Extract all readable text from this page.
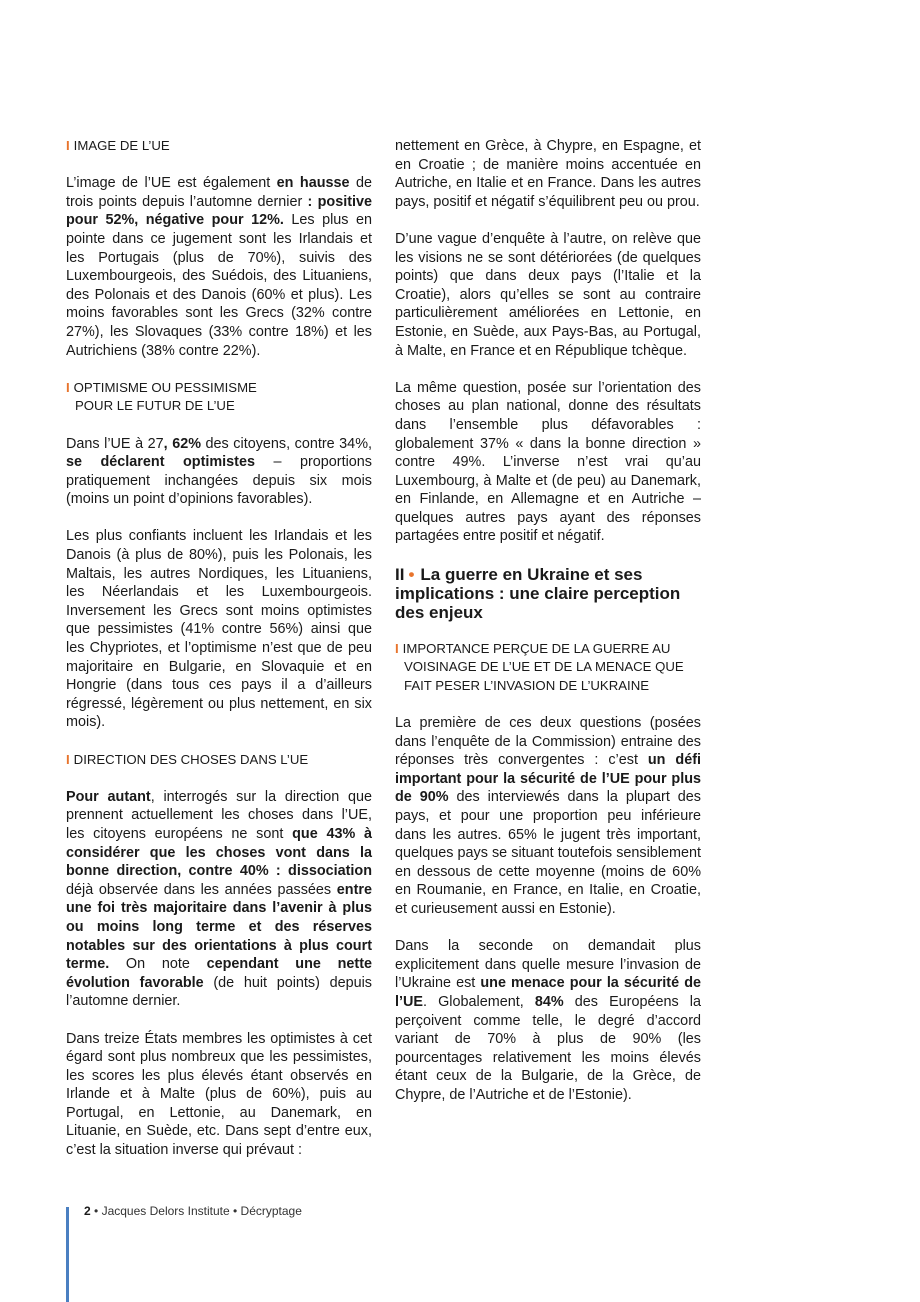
I IMAGE DE L’UE

L’image de l’UE est également en hausse de trois points depuis l’automne dernier : positive pour 52%, négative pour 12%. Les plus en pointe dans ce jugement sont les Irlandais et les Portugais (plus de 70%), suivis des Luxembourgeois, des Suédois, des Lituaniens, des Polonais et des Danois (60% et plus). Les moins favorables sont les Grecs (32% contre 27%), les Slovaques (33% contre 18%) et les Autrichiens (38% contre 22%).

I OPTIMISME OU PESSIMISME
POUR LE FUTUR DE L’UE

Dans l’UE à 27, 62% des citoyens, contre 34%, se déclarent optimistes – proportions pratiquement inchangées depuis six mois (moins un point d’opinions favorables).

Les plus confiants incluent les Irlandais et les Danois (à plus de 80%), puis les Polonais, les Maltais, les autres Nordiques, les Lituaniens, les Néerlandais et les Luxembourgeois. Inversement les Grecs sont moins optimistes que pessimistes (41% contre 56%) ainsi que les Chypriotes, et l’optimisme n’est que de peu majoritaire en Bulgarie, en Slovaquie et en Hongrie (dans tous ces pays il a d’ailleurs régressé, légèrement ou plus nettement, en six mois).

I DIRECTION DES CHOSES DANS L’UE

Pour autant, interrogés sur la direction que prennent actuellement les choses dans l’UE, les citoyens européens ne sont que 43% à considérer que les choses vont dans la bonne direction, contre 40% : dissociation déjà observée dans les années passées entre une foi très majoritaire dans l’avenir à plus ou moins long terme et des réserves notables sur des orientations à plus court terme. On note cependant une nette évolution favorable (de huit points) depuis l’automne dernier.

Dans treize États membres les optimistes à cet égard sont plus nombreux que les pessimistes, les scores les plus élevés étant observés en Irlande et à Malte (plus de 60%), puis au Portugal, en Lettonie, au Danemark, en Lituanie, en Suède, etc. Dans sept d’entre eux, c’est la situation inverse qui prévaut :

nettement en Grèce, à Chypre, en Espagne, et en Croatie ; de manière moins accentuée en Autriche, en Italie et en France. Dans les autres pays, positif et négatif s’équilibrent peu ou prou.

D’une vague d’enquête à l’autre, on relève que les visions ne se sont détériorées (de quelques points) que dans deux pays (l’Italie et la Croatie), alors qu’elles se sont au contraire particulièrement améliorées en Lettonie, en Estonie, en Suède, aux Pays-Bas, au Portugal, à Malte, en France et en République tchèque.

La même question, posée sur l’orientation des choses au plan national, donne des résultats dans l’ensemble plus défavorables : globalement 37% « dans la bonne direction » contre 49%. L’inverse n’est vrai qu’au Luxembourg, à Malte et (de peu) au Danemark, en Finlande, en Allemagne et en Autriche – quelques autres pays ayant des réponses partagées entre positif et négatif.

II • La guerre en Ukraine et ses implications : une claire perception des enjeux
I IMPORTANCE PERÇUE DE LA GUERRE AU
VOISINAGE DE L’UE ET DE LA MENACE QUE FAIT PESER L’INVASION DE L’UKRAINE

La première de ces deux questions (posées dans l’enquête de la Commission) entraine des réponses très convergentes : c’est un défi important pour la sécurité de l’UE pour plus de 90% des interviewés dans la plupart des pays, et pour une proportion peu inférieure dans les autres. 65% le jugent très important, quelques pays se situant toutefois sensiblement en dessous de cette moyenne (moins de 60% en Roumanie, en France, en Italie, en Croatie, et curieusement aussi en Estonie).

Dans la seconde on demandait plus explicitement dans quelle mesure l’invasion de l’Ukraine est une menace pour la sécurité de l’UE. Globalement, 84% des Européens la perçoivent comme telle, le degré d’accord variant de 70% à plus de 90% (les pourcentages relativement les moins élevés étant ceux de la Bulgarie, de la Grèce, de Chypre, de l’Autriche et de l’Estonie).

2 • Jacques Delors Institute • Décryptage
